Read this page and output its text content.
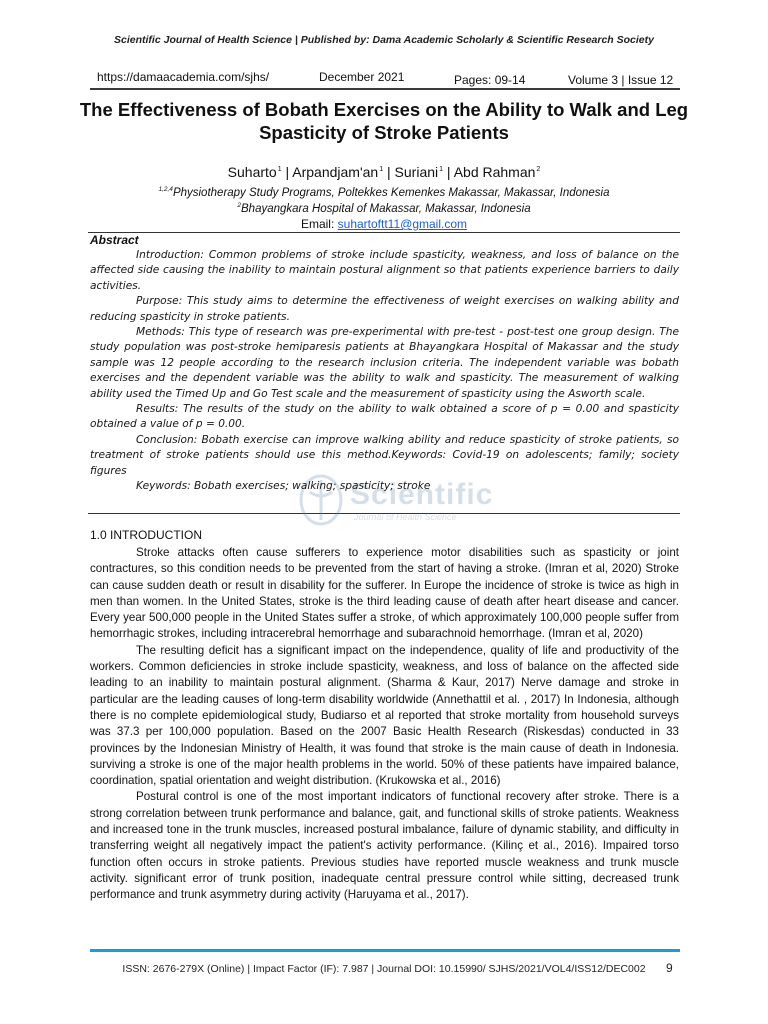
Scientific Journal of Health Science | Published by: Dama Academic Scholarly & Scientific Research Society
https://damaacademia.com/sjhs/	December 2021	Pages: 09-14	Volume 3 | Issue 12
The Effectiveness of Bobath Exercises on the Ability to Walk and Leg Spasticity of Stroke Patients
Suharto$^1$ | $Arpandjam'an^1$ | Suriani$^1$ | Abd Rahman$^2$
$^{1,2,4}$Physiotherapy Study Programs, Poltekkes Kemenkes Makassar, Makassar, Indonesia
$^2$Bhayangkara Hospital of Makassar, Makassar, Indonesia
Email: suhartoftt11@gmail.com
Abstract
Scientific
Journal of Health Science

Introduction: Common problems of stroke include spasticity, weakness, and loss of balance on the affected side causing the inability to maintain postural alignment so that patients experience barriers to daily activities.

Purpose: This study aims to determine the effectiveness of weight exercises on walking ability and reducing spasticity in stroke patients.

Methods: This type of research was pre-experimental with pre-test - post-test one group design. The study population was post-stroke hemiparesis patients at Bhayangkara Hospital of Makassar and the study sample was 12 people according to the research inclusion criteria. The independent variable was bobath exercises and the dependent variable was the ability to walk and spasticity. The measurement of walking ability used the Timed Up and Go Test scale and the measurement of spasticity using the Asworth scale.

Results: The results of the study on the ability to walk obtained a score of p = 0.00 and spasticity obtained a value of p = 0.00.

Conclusion: Bobath exercise can improve walking ability and reduce spasticity of stroke patients, so treatment of stroke patients should use this method.Keywords: Covid-19 on adolescents; family; society figures

Keywords: Bobath exercises; walking; spasticity; stroke

1.0 INTRODUCTION

Stroke attacks often cause sufferers to experience motor disabilities such as spasticity or joint contractures, so this condition needs to be prevented from the start of having a stroke. (Imran et al, 2020) Stroke can cause sudden death or result in disability for the sufferer. In Europe the incidence of stroke is twice as high in men than women. In the United States, stroke is the third leading cause of death after heart disease and cancer. Every year 500,000 people in the United States suffer a stroke, of which approximately 100,000 people suffer from hemorrhagic strokes, including intracerebral hemorrhage and subarachnoid hemorrhage. (Imran et al, 2020)

The resulting deficit has a significant impact on the independence, quality of life and productivity of the workers. Common deficiencies in stroke include spasticity, weakness, and loss of balance on the affected side leading to an inability to maintain postural alignment. (Sharma & Kaur, 2017) Nerve damage and stroke in particular are the leading causes of long-term disability worldwide (Annethattil et al. , 2017) In Indonesia, although there is no complete epidemiological study, Budiarso et al reported that stroke mortality from household surveys was 37.3 per 100,000 population. Based on the 2007 Basic Health Research (Riskesdas) conducted in 33 provinces by the Indonesian Ministry of Health, it was found that stroke is the main cause of death in Indonesia. surviving a stroke is one of the major health problems in the world. 50% of these patients have impaired balance, coordination, spatial orientation and weight distribution. (Krukowska et al., 2016)

Postural control is one of the most important indicators of functional recovery after stroke. There is a strong correlation between trunk performance and balance, gait, and functional skills of stroke patients. Weakness and increased tone in the trunk muscles, increased postural imbalance, failure of dynamic stability, and difficulty in transferring weight all negatively impact the patient's activity performance. (Kilinç et al., 2016). Impaired torso function often occurs in stroke patients. Previous studies have reported muscle weakness and trunk muscle activity. significant error of trunk position, inadequate central pressure control while sitting, decreased trunk performance and trunk asymmetry during activity (Haruyama et al., 2017).

ISSN: 2676-279X (Online) | Impact Factor (IF): 7.987 | Journal DOI: 10.15990/ SJHS/2021/VOL4/ISS12/DEC002	9
